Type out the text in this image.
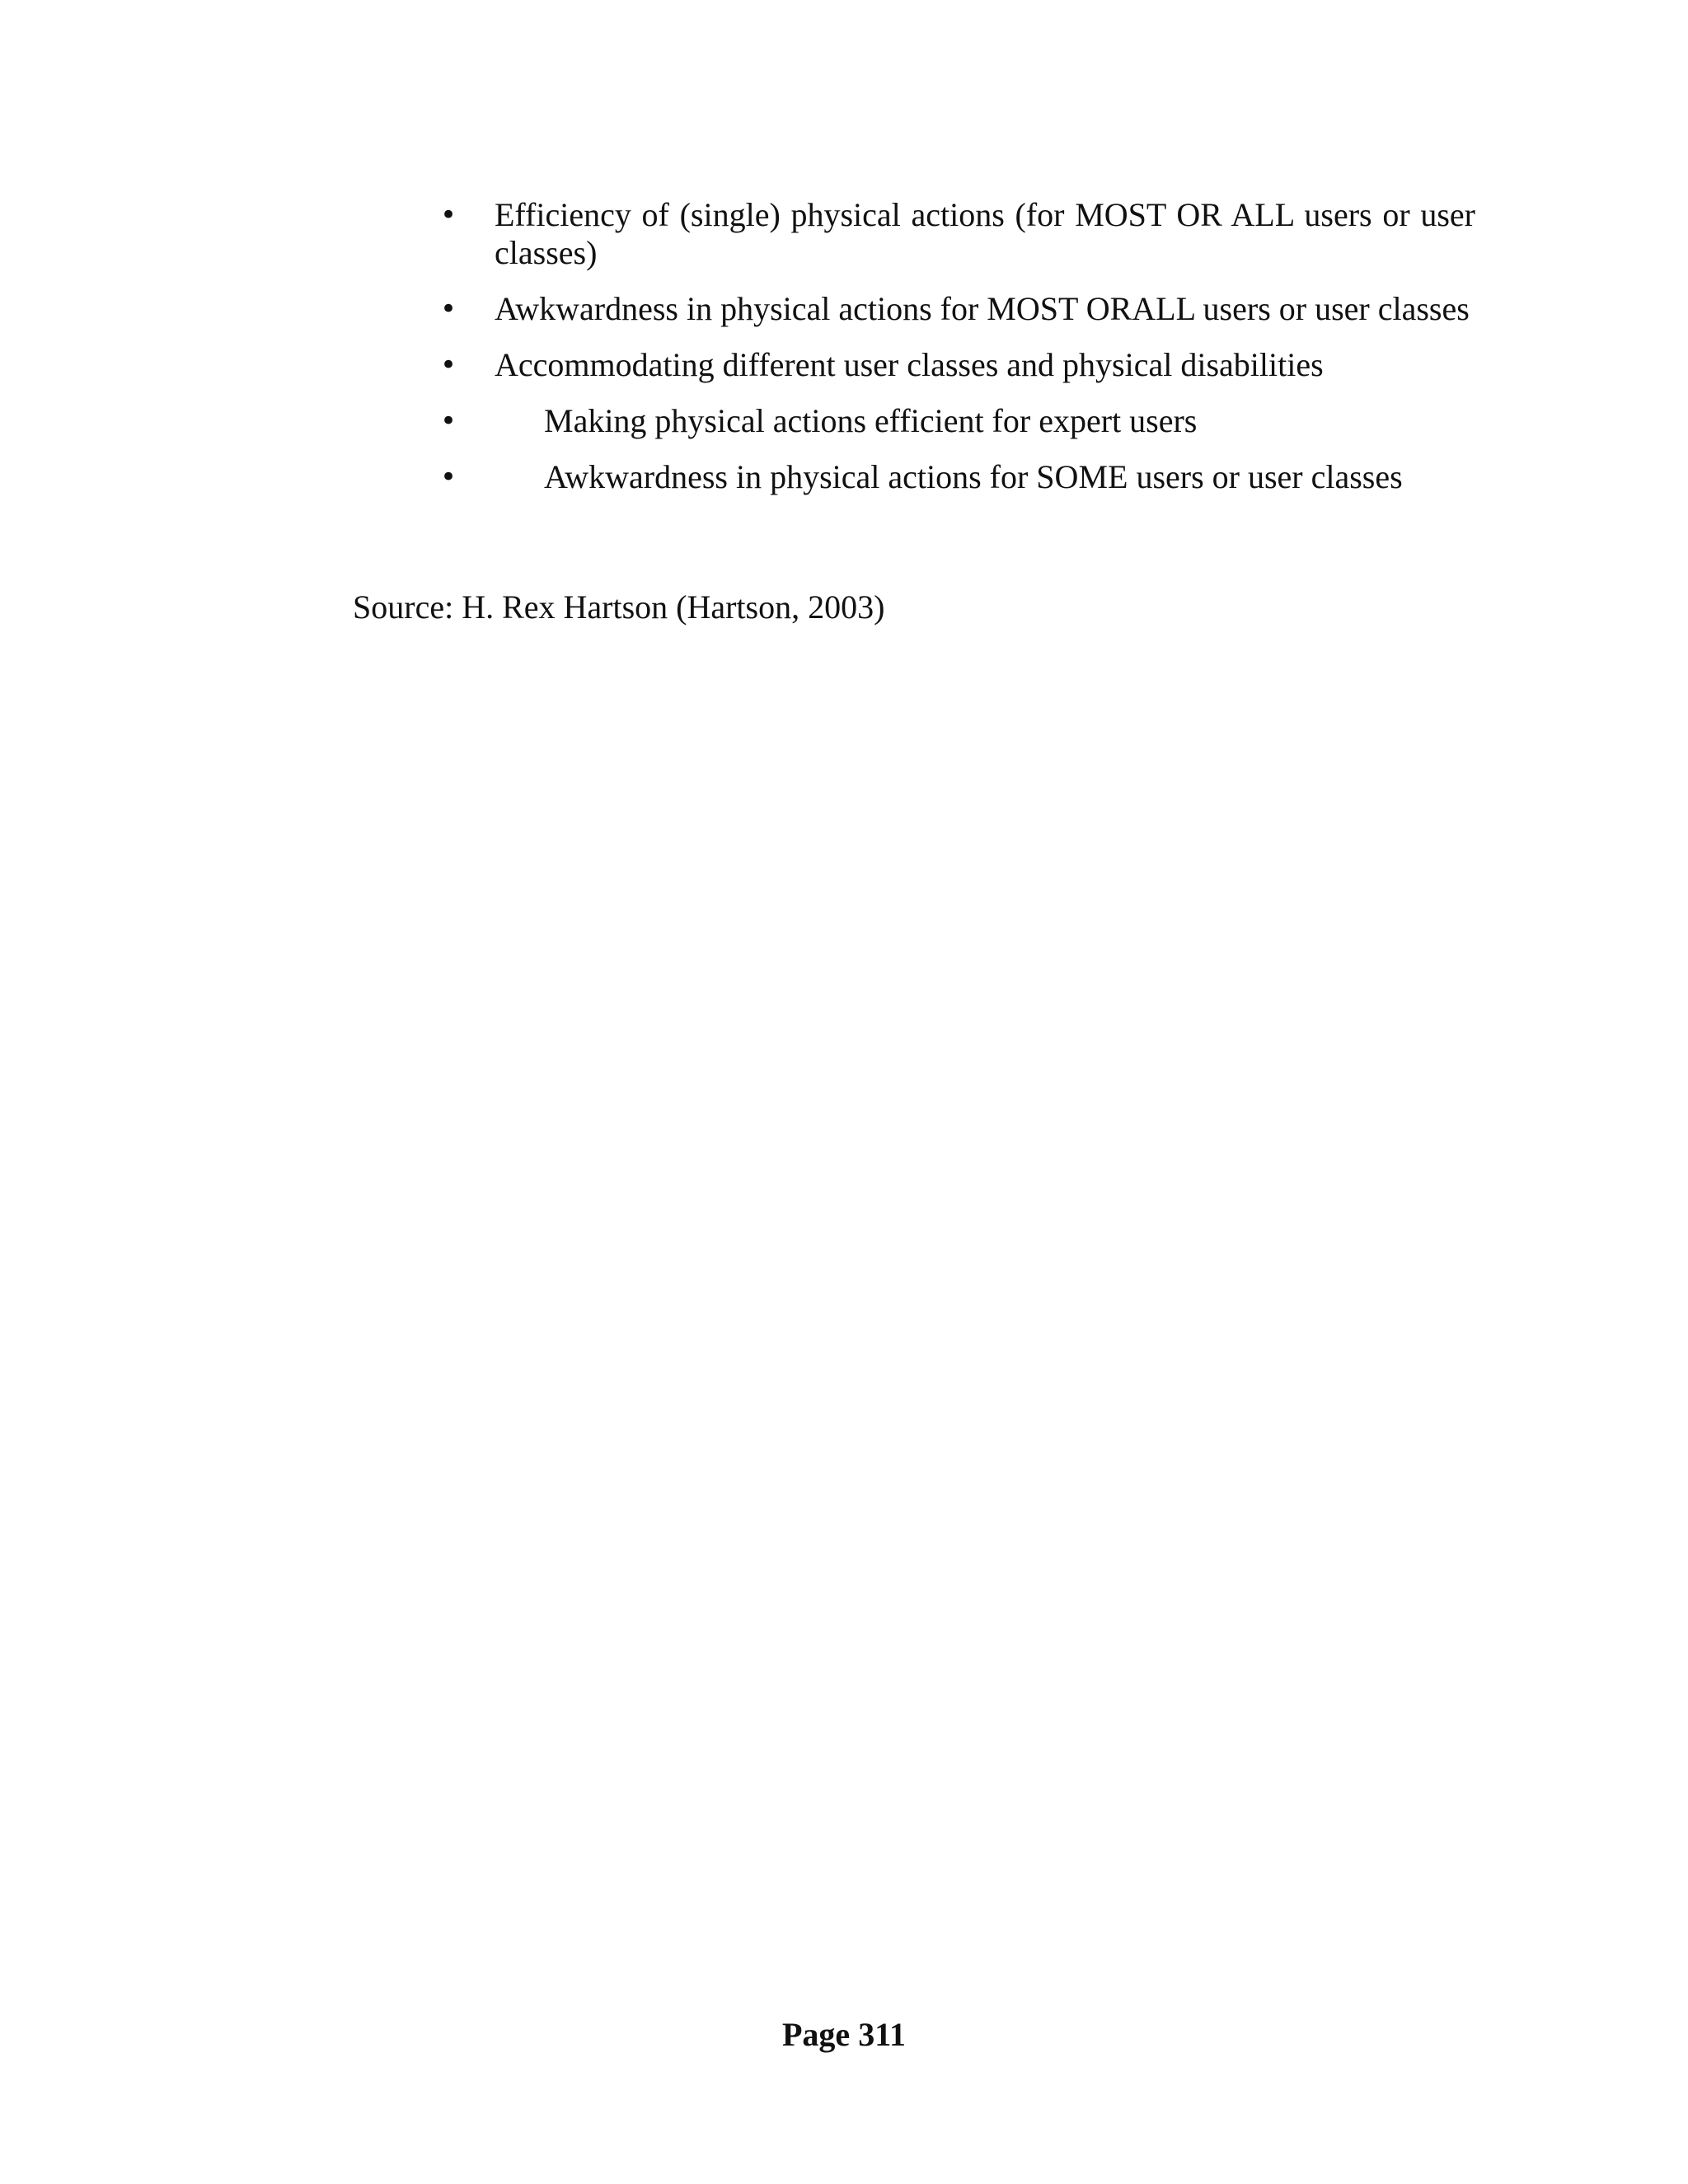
•	Efficiency of (single) physical actions (for MOST OR ALL users or user classes)
•	Awkwardness in physical actions for MOST ORALL users or user classes
•	Accommodating different user classes and physical disabilities
•	Making physical actions efficient for expert users
•	Awkwardness in physical actions for SOME users or user classes
Source: H. Rex Hartson (Hartson, 2003)
Page 311
